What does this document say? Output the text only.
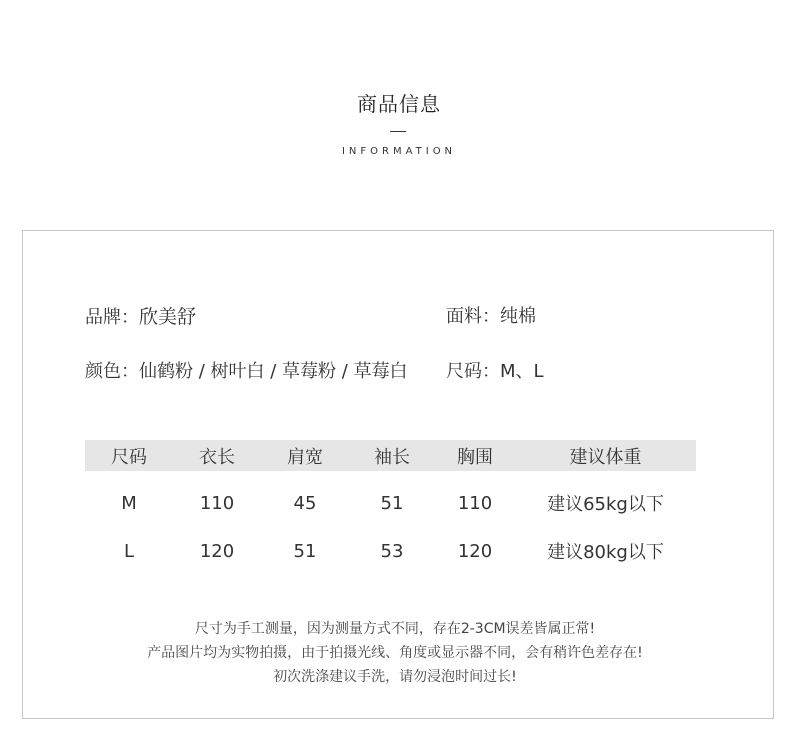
商品信息
INFORMATION
品牌：欣美舒	面料：纯棉
颜色：仙鹤粉 / 树叶白 / 草莓粉 / 草莓白 尺码：M、L
尺码	衣长	肩宽	袖长	胸围	建议体重
M	110	45	51	110	建议65kg以下
L	120	51	53	120	建议80kg以下
尺寸为手工测量，因为测量方式不同，存在2-3CM误差皆属正常!
产品图片均为实物拍摄，由于拍摄光线、角度或显示器不同，会有稍许色差存在!
初次洗涤建议手洗，请勿浸泡时间过长!
